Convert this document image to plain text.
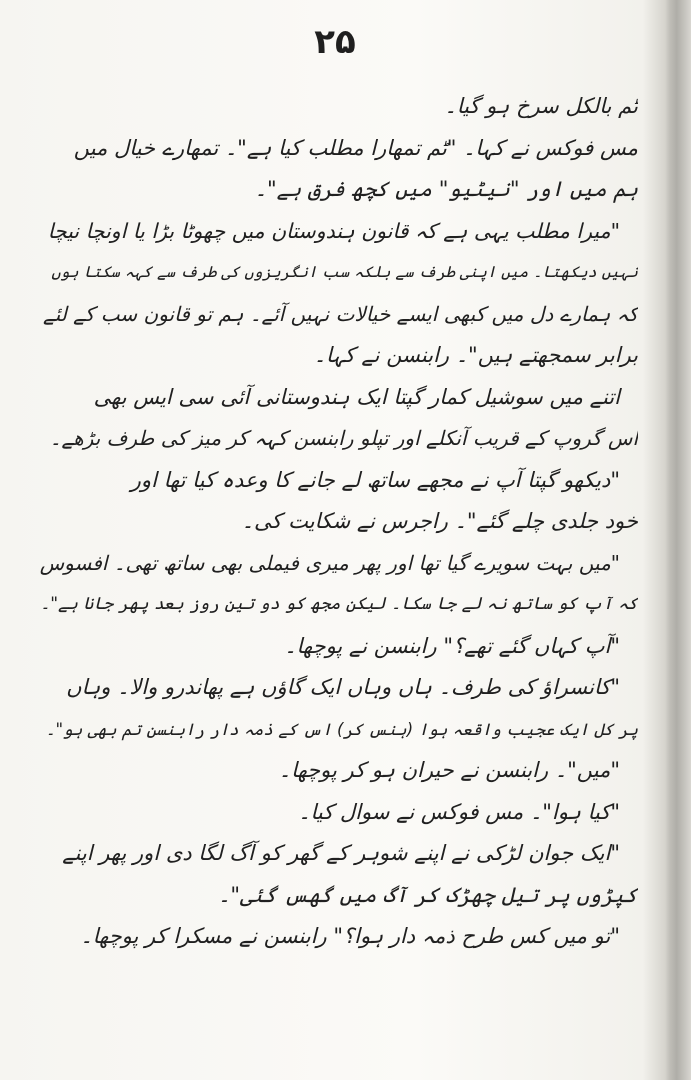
۲۵
ٹم بالکل سرخ ہو گیا۔
مس فوکس نے کہا۔ "ٹم تمھارا مطلب کیا ہے"۔ تمھارے خیال میں
ہم میں اور "نیٹیو" میں کچھ فرق ہے"۔
"میرا مطلب یہی ہے کہ قانون ہندوستان میں چھوٹا بڑا یا اونچا نیچا
نہیں دیکھتا۔ میں اپنی طرف سے بلکہ سب انگریزوں کی طرف سے کہہ سکتا ہوں
کہ ہمارے دل میں کبھی ایسے خیالات نہیں آئے۔ ہم تو قانون سب کے لئے
برابر سمجھتے ہیں"۔ رابنسن نے کہا۔
اتنے میں سوشیل کمار گپتا ایک ہندوستانی آئی سی ایس بھی
اس گروپ کے قریب آنکلے اور تپلو رابنسن کہہ کر میز کی طرف بڑھے۔
"دیکھو گپتا آپ نے مجھے ساتھ لے جانے کا وعدہ کیا تھا اور
خود جلدی چلے گئے"۔ راجرس نے شکایت کی۔
"میں بہت سویرے گیا تھا اور پھر میری فیملی بھی ساتھ تھی۔ افسوس
کہ آپ کو ساتھ نہ لے جا سکا۔ لیکن مجھ کو دو تین روز بعد پھر جانا ہے"۔
"آپ کہاں گئے تھے؟" رابنسن نے پوچھا۔
"کانسراؤ کی طرف۔ ہاں وہاں ایک گاؤں ہے پھاندرو والا۔ وہاں
پر کل ایک عجیب واقعہ ہوا (ہنس کر) اس کے ذمہ دار رابنسن تم بھی ہو"۔
"میں"۔ رابنسن نے حیران ہو کر پوچھا۔
"کیا ہوا"۔ مس فوکس نے سوال کیا۔
"ایک جوان لڑکی نے اپنے شوہر کے گھر کو آگ لگا دی اور پھر اپنے
کپڑوں پر تیل چھڑک کر آگ میں گھس گئی"۔
"تو میں کس طرح ذمہ دار ہوا؟" رابنسن نے مسکرا کر پوچھا۔
